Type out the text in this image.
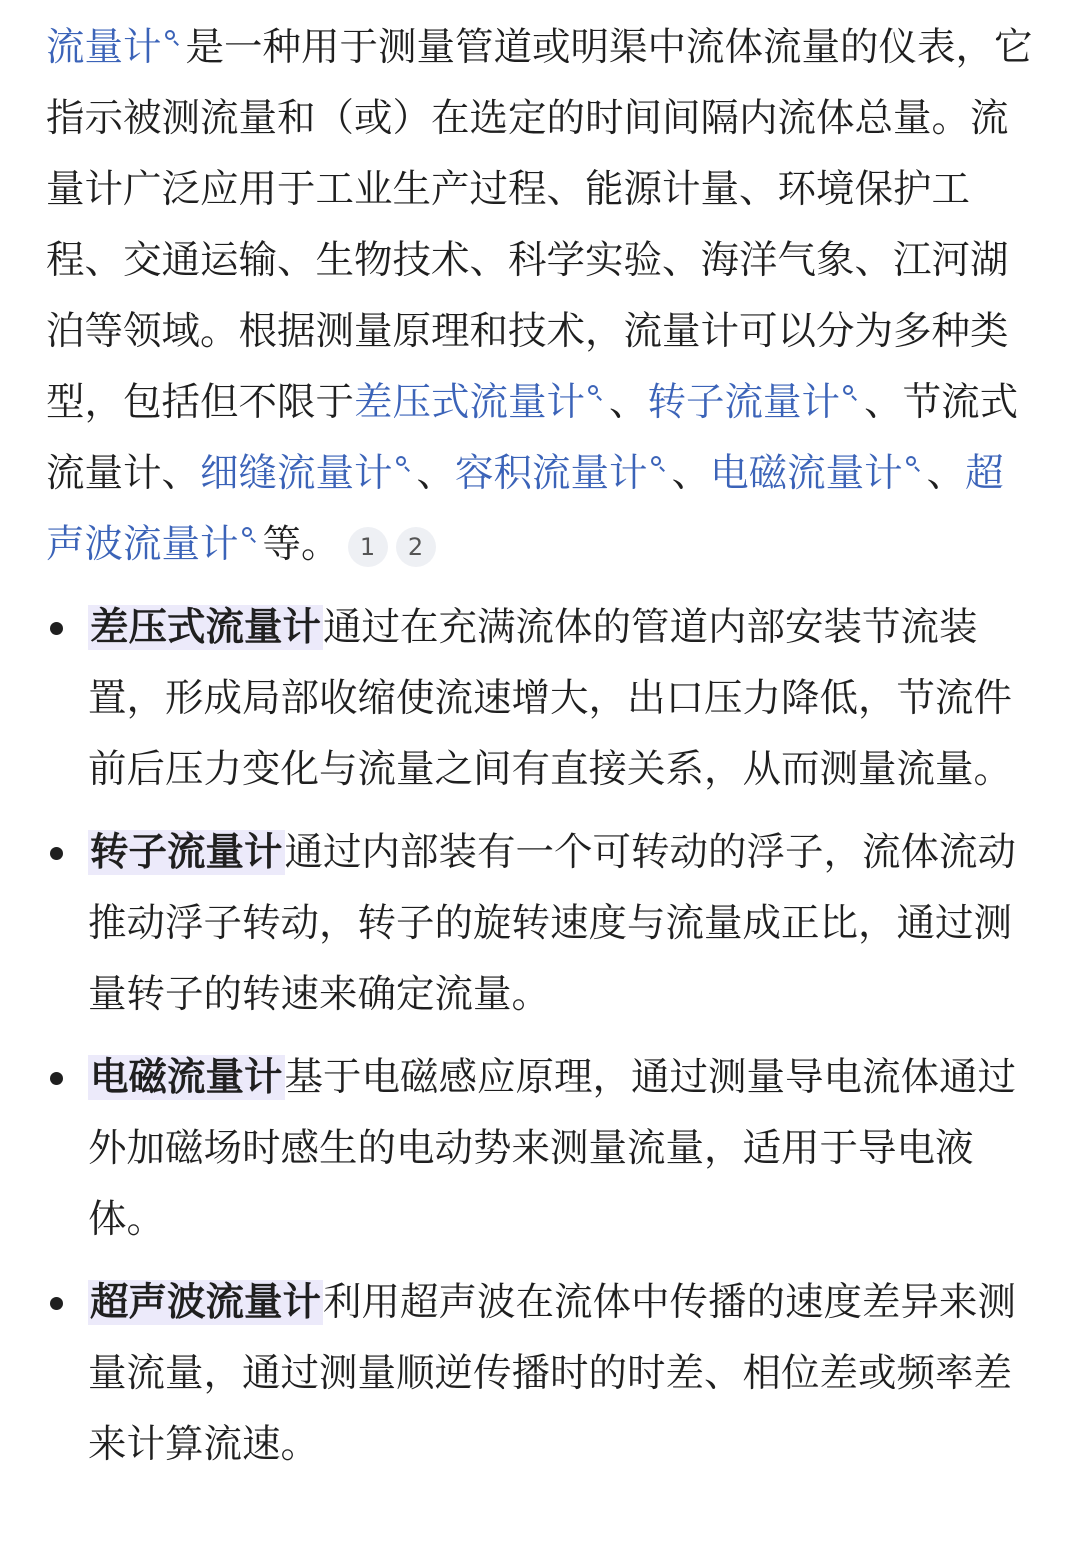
流量计 是一种用于测量管道或明渠中流体流量的仪表，它指示被测流量和（或）在选定的时间间隔内流体总量。流量计广泛应用于工业生产过程、能源计量、环境保护工程、交通运输、生物技术、科学实验、海洋气象、江河湖泊等领域。根据测量原理和技术，流量计可以分为多种类型，包括但不限于差压式流量计 、转子流量计 、节流式流量计、细缝流量计 、容积流量计 、电磁流量计 、超声波流量计 等。 1 2

差压式流量计通过在充满流体的管道内部安装节流装置，形成局部收缩使流速增大，出口压力降低，节流件前后压力变化与流量之间有直接关系，从而测量流量。
转子流量计通过内部装有一个可转动的浮子，流体流动推动浮子转动，转子的旋转速度与流量成正比，通过测量转子的转速来确定流量。
电磁流量计基于电磁感应原理，通过测量导电流体通过外加磁场时感生的电动势来测量流量，适用于导电液体。
超声波流量计利用超声波在流体中传播的速度差异来测量流量，通过测量顺逆传播时的时差、相位差或频率差来计算流速。
